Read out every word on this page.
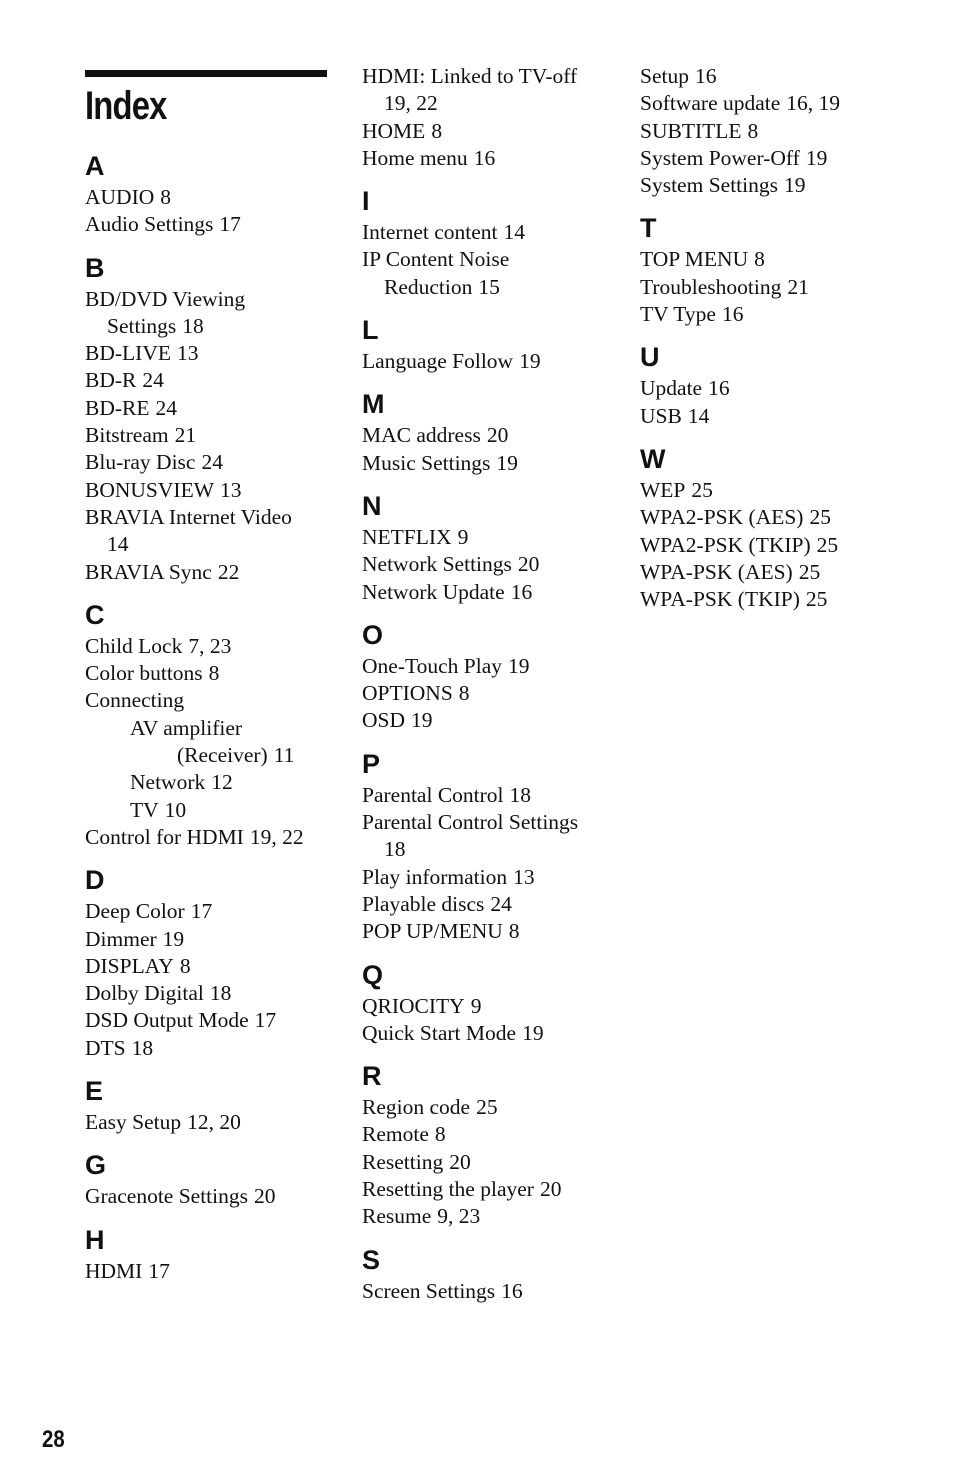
Index
A
AUDIO 8
Audio Settings 17
B
BD/DVD Viewing
Settings 18
BD-LIVE 13
BD-R 24
BD-RE 24
Bitstream 21
Blu-ray Disc 24
BONUSVIEW 13
BRAVIA Internet Video
14
BRAVIA Sync 22
C
Child Lock 7, 23
Color buttons 8
Connecting
AV amplifier
(Receiver) 11
Network 12
TV 10
Control for HDMI 19, 22
D
Deep Color 17
Dimmer 19
DISPLAY 8
Dolby Digital 18
DSD Output Mode 17
DTS 18
E
Easy Setup 12, 20
G
Gracenote Settings 20
H
HDMI 17
HDMI: Linked to TV-off
19, 22
HOME 8
Home menu 16
I
Internet content 14
IP Content Noise
Reduction 15
L
Language Follow 19
M
MAC address 20
Music Settings 19
N
NETFLIX 9
Network Settings 20
Network Update 16
O
One-Touch Play 19
OPTIONS 8
OSD 19
P
Parental Control 18
Parental Control Settings
18
Play information 13
Playable discs 24
POP UP/MENU 8
Q
QRIOCITY 9
Quick Start Mode 19
R
Region code 25
Remote 8
Resetting 20
Resetting the player 20
Resume 9, 23
S
Screen Settings 16
Setup 16
Software update 16, 19
SUBTITLE 8
System Power-Off 19
System Settings 19
T
TOP MENU 8
Troubleshooting 21
TV Type 16
U
Update 16
USB 14
W
WEP 25
WPA2-PSK (AES) 25
WPA2-PSK (TKIP) 25
WPA-PSK (AES) 25
WPA-PSK (TKIP) 25
28
